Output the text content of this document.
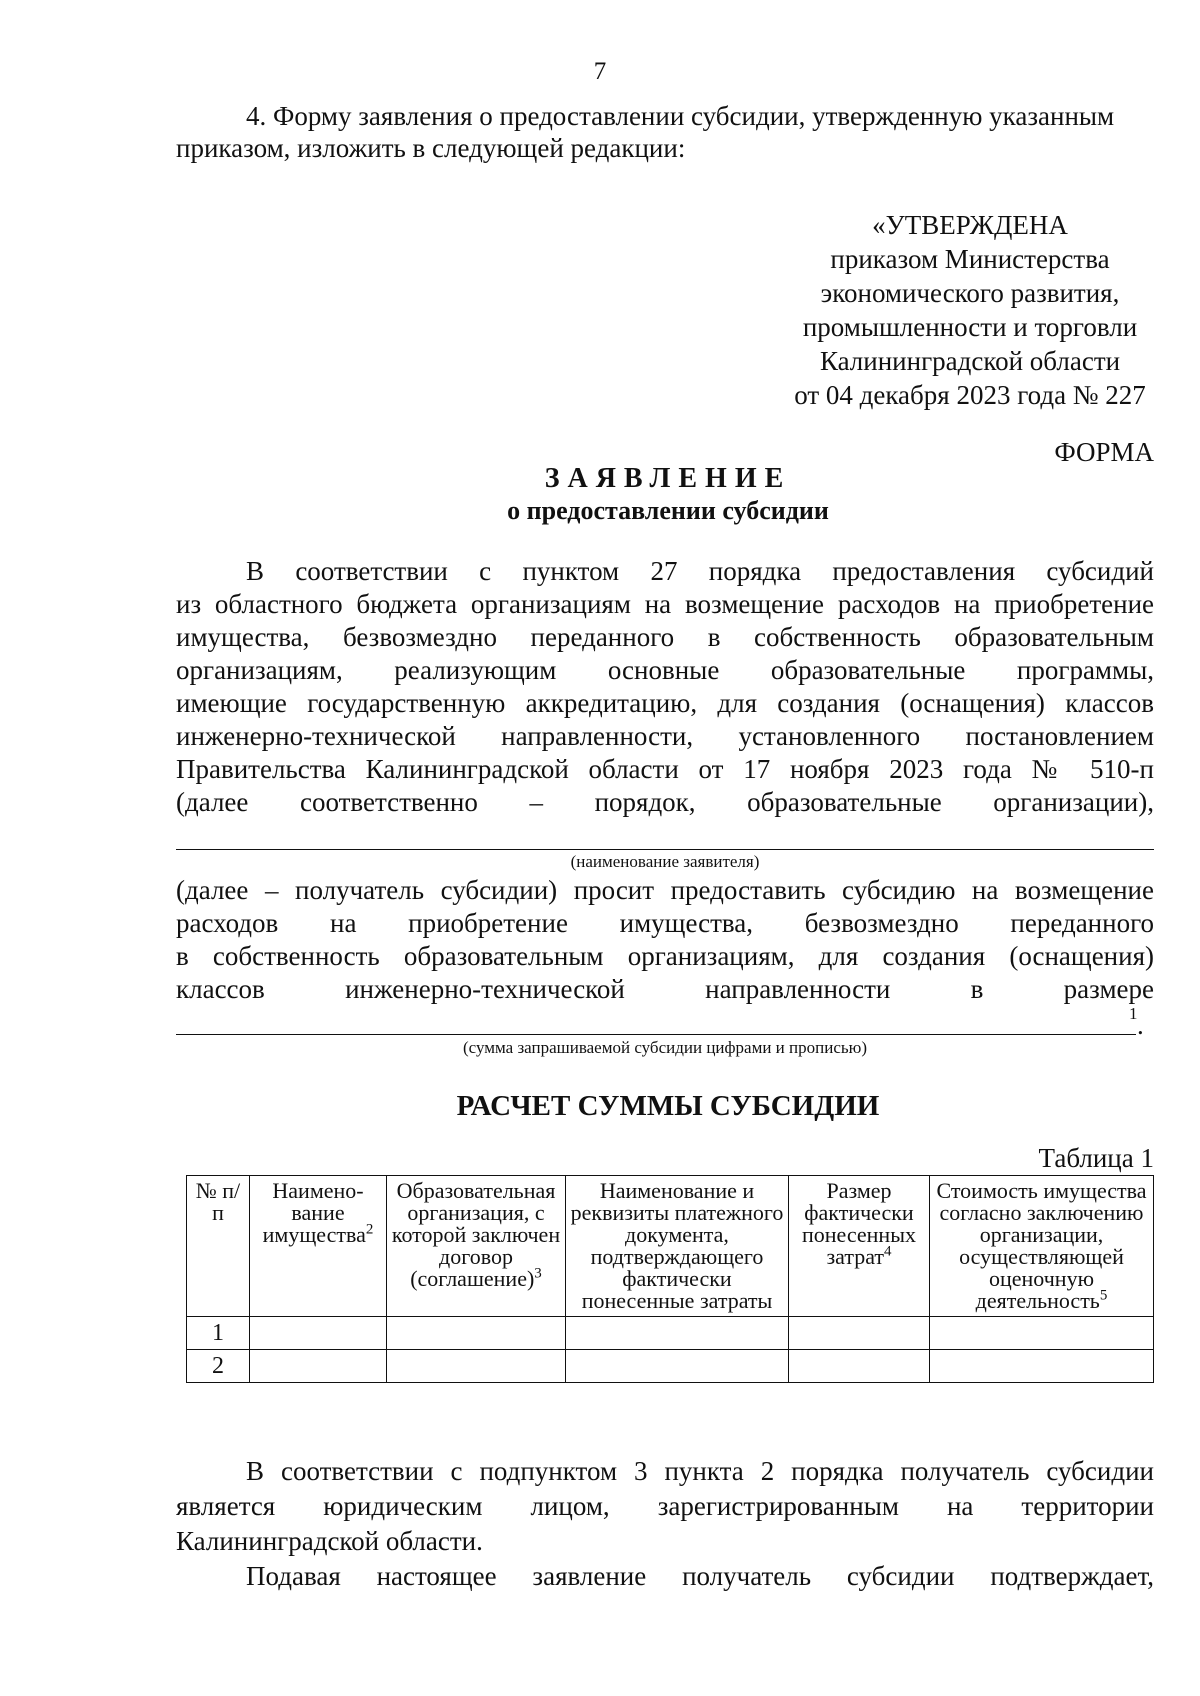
7
4. Форму заявления о предоставлении субсидии, утвержденную указанным
приказом, изложить в следующей редакции:
«УТВЕРЖДЕНА
приказом Министерства
экономического развития,
промышленности и торговли
Калининградской области
от 04 декабря 2023 года № 227
ФОРМА
ЗАЯВЛЕНИЕ
о предоставлении субсидии
В соответствии с пунктом 27 порядка предоставления субсидий
из областного бюджета организациям на возмещение расходов на приобретение
имущества, безвозмездно переданного в собственность образовательным
организациям, реализующим основные образовательные программы,
имеющие государственную аккредитацию, для создания (оснащения) классов
инженерно-технической направленности, установленного постановлением
Правительства Калининградской области от 17 ноября 2023 года № 510-п
(далее соответственно – порядок, образовательные организации),
(наименование заявителя)
(далее – получатель субсидии) просит предоставить субсидию на возмещение
расходов на приобретение имущества, безвозмездно переданного
в собственность образовательным организациям, для создания (оснащения)
классов инженерно-технической направленности в размере
1 .
(сумма запрашиваемой субсидии цифрами и прописью)
РАСЧЕТ СУММЫ СУБСИДИИ
Таблица 1
№ п/п	Наимено-вание имущества$^2$	Образовательная организация, с которой заключен договор (соглашение)$^3$	Наименование и реквизиты платежного документа, подтверждающего фактически понесенные затраты	Размер фактически понесенных затрат$^4$	Стоимость имущества согласно заключению организации, осуществляющей оценочную деятельность$^5$
1					
2					
В соответствии с подпунктом 3 пункта 2 порядка получатель субсидии
является юридическим лицом, зарегистрированным на территории
Калининградской области.
Подавая настоящее заявление получатель субсидии подтверждает,
